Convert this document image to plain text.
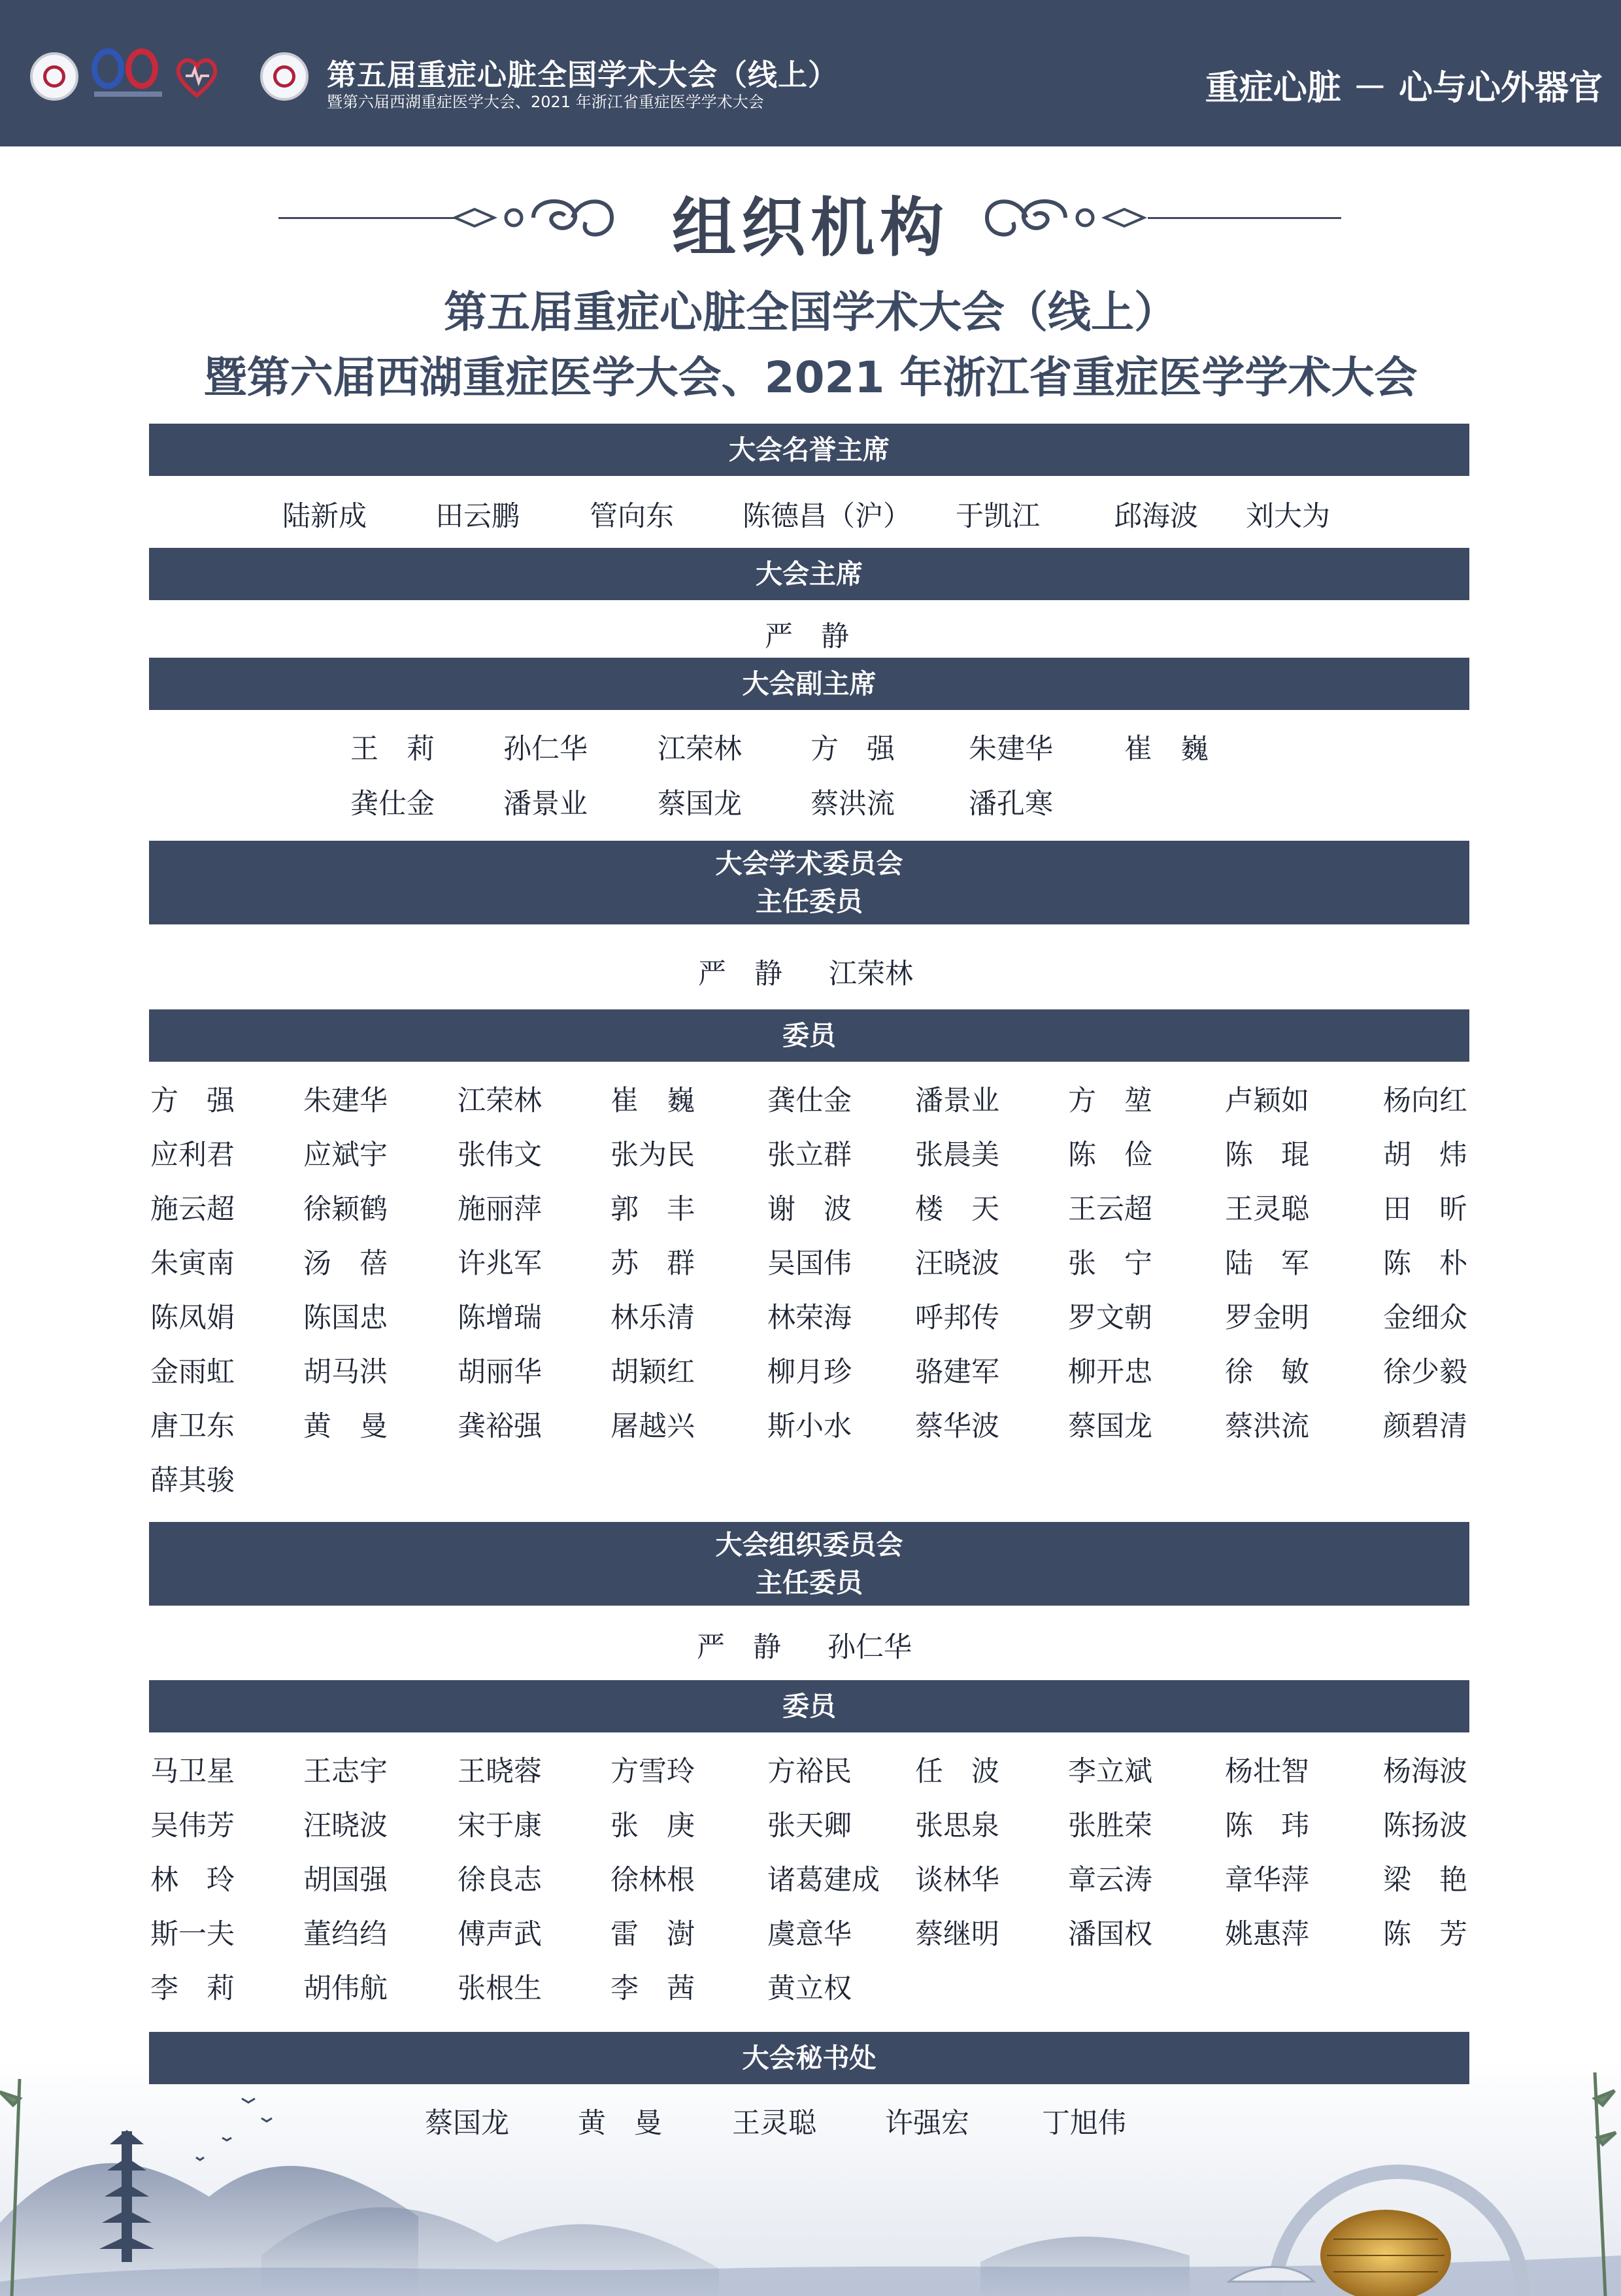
第五届重症心脏全国学术大会（线上）
暨第六届西湖重症医学大会、2021 年浙江省重症医学学术大会	重症心脏 － 心与心外器官
组织机构
第五届重症心脏全国学术大会（线上）
暨第六届西湖重症医学大会、2021 年浙江省重症医学学术大会
大会名誉主席
陆新成 田云鹏 管向东 陈德昌（沪） 于凯江	邱海波 刘大为
大会主席
严　静
大会副主席
王　莉 孙仁华 江荣林 方　强	朱建华	崔　巍
龚仕金 潘景业 蔡国龙 蔡洪流	潘孔寒
大会学术委员会
主任委员
严　静 江荣林
委员
方　强 朱建华 江荣林 崔　巍	龚仕金 潘景业 方　堃	卢颖如	杨向红
应利君 应斌宇 张伟文 张为民	张立群 张晨美 陈　俭	陈　琨	胡　炜
施云超 徐颖鹤 施丽萍 郭　丰	谢　波 楼　天 王云超	王灵聪	田　昕
朱寅南 汤　蓓 许兆军 苏　群	吴国伟 汪晓波 张　宁	陆　军	陈　朴
陈凤娟 陈国忠 陈增瑞 林乐清	林荣海 呼邦传 罗文朝	罗金明	金细众
金雨虹 胡马洪 胡丽华 胡颖红	柳月珍 骆建军 柳开忠	徐　敏	徐少毅
唐卫东 黄　曼 龚裕强 屠越兴	斯小水 蔡华波 蔡国龙	蔡洪流	颜碧清
薛其骏
大会组织委员会
主任委员
严　静 孙仁华
委员
马卫星 王志宇 王晓蓉 方雪玲	方裕民 任　波 李立斌	杨壮智	杨海波
吴伟芳 汪晓波 宋于康 张　庚	张天卿 张思泉 张胜荣	陈　玮	陈扬波
林　玲 胡国强 徐良志 徐林根	诸葛建成 谈林华 章云涛	章华萍	梁　艳
斯一夫 董绉绉 傅声武 雷　澍	虞意华 蔡继明 潘国权	姚惠萍	陈　芳
李　莉 胡伟航 张根生 李　茜	黄立权
大会秘书处
蔡国龙 黄　曼 王灵聪 许强宏	丁旭伟
